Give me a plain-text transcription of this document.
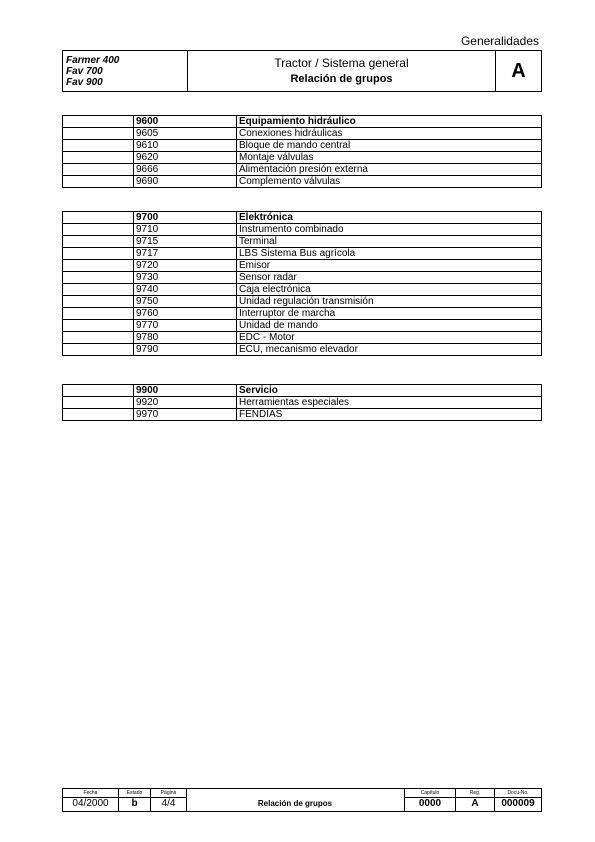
Generalidades
Farmer 400
Fav 700
Fav 900
Tractor / Sistema general
Relación de grupos	A
	9600	Equipamiento hidráulico
	9605	Conexiones hidráulicas
	9610	Bloque de mando central
	9620	Montaje válvulas
	9666	Alimentación presión externa
	9690	Complemento válvulas
	9700	Elektrónica
	9710	Instrumento combinado
	9715	Terminal
	9717	LBS Sistema Bus agrícola
	9720	Emisor
	9730	Sensor radar
	9740	Caja electrónica
	9750	Unidad regulación transmisión
	9760	Interruptor de marcha
	9770	Unidad de mando
	9780	EDC - Motor
	9790	ECU, mecanismo elevador
	9900	Servicio
	9920	Herramientas especiales
	9970	FENDIAS
Fecha
04/2000
Estado
b
Página
4/4	Relación de grupos
Capítulo
0000
Reg.
A
Docu-No.
000009
